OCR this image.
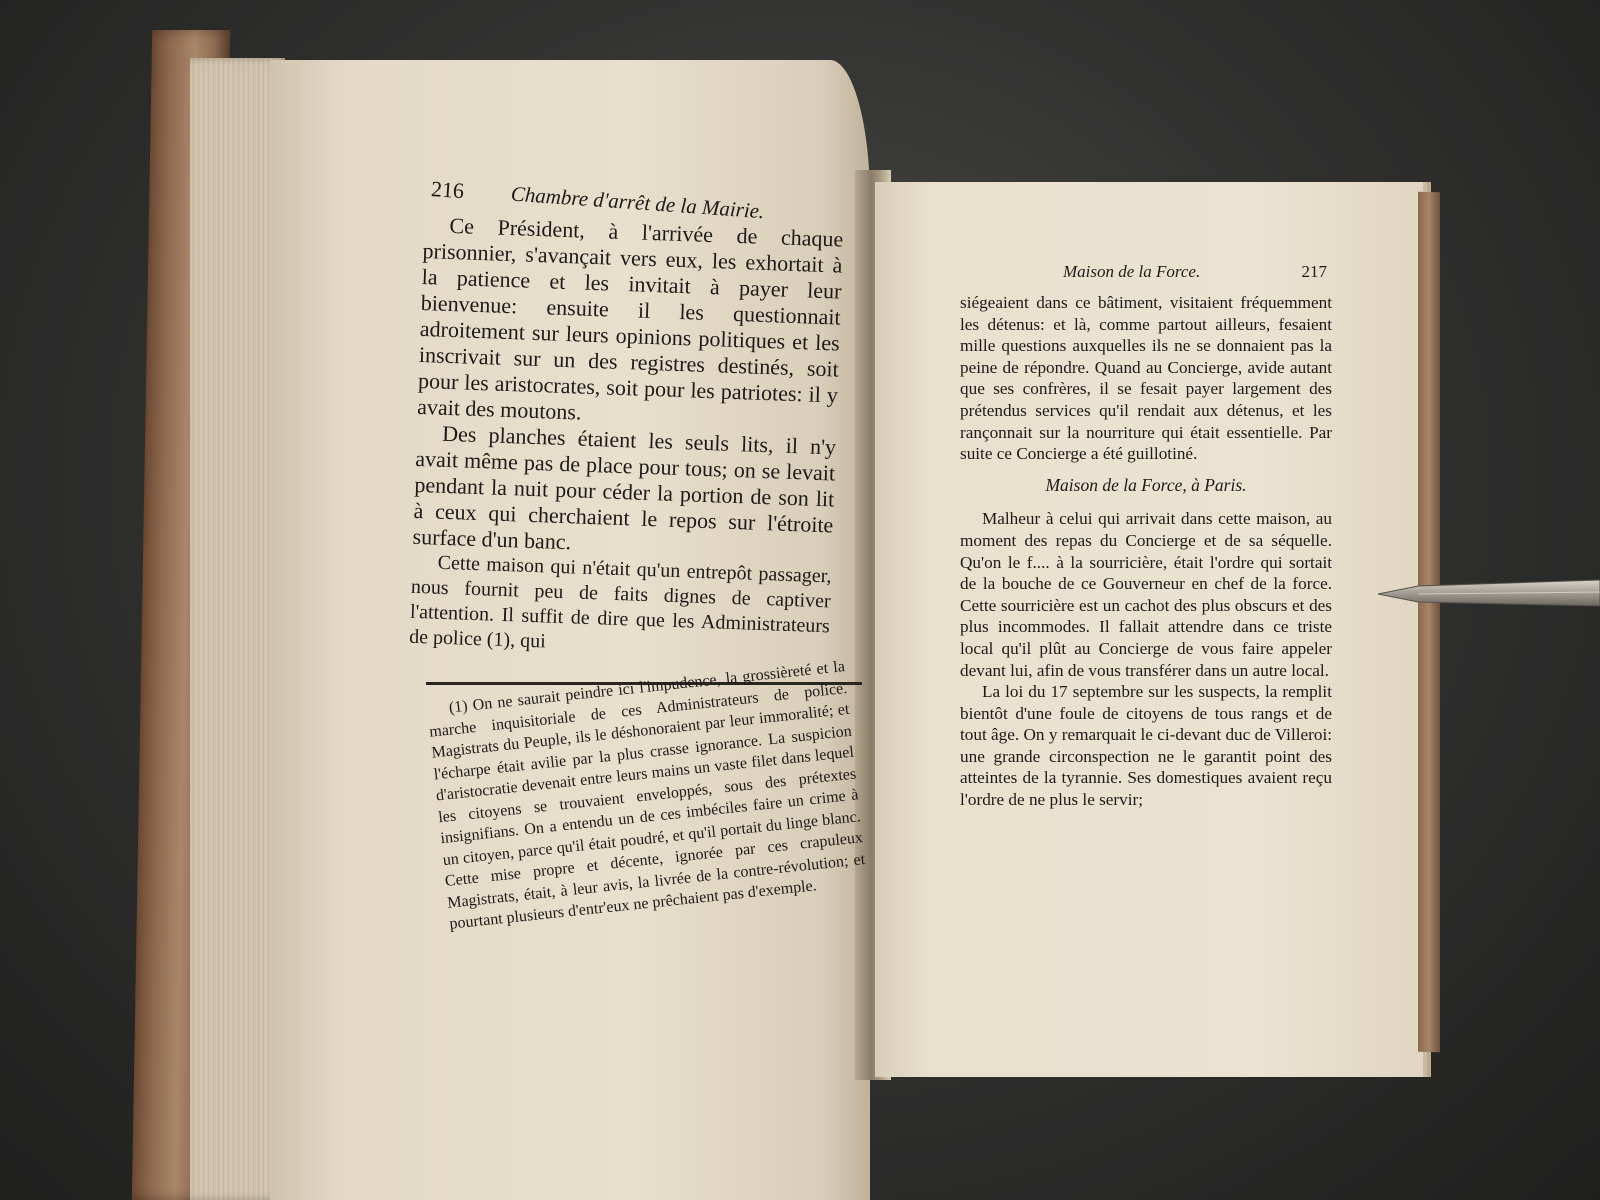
216 Chambre d'arrêt de la Mairie.

Ce Président, à l'arrivée de chaque prisonnier, s'avançait vers eux, les exhortait à la patience et les invitait à payer leur bienvenue: ensuite il les questionnait adroitement sur leurs opinions politiques et les inscrivait sur un des registres destinés, soit pour les aristocrates, soit pour les patriotes: il y avait des moutons.

Des planches étaient les seuls lits, il n'y avait même pas de place pour tous; on se levait pendant la nuit pour céder la portion de son lit à ceux qui cherchaient le repos sur l'étroite surface d'un banc.

Cette maison qui n'était qu'un entrepôt passager, nous fournit peu de faits dignes de captiver l'attention. Il suffit de dire que les Administrateurs de police (1), qui

(1) On ne saurait peindre ici l'impudence, la grossièreté et la marche inquisitoriale de ces Administrateurs de police. Magistrats du Peuple, ils le déshonoraient par leur immoralité; et l'écharpe était avilie par la plus crasse ignorance. La suspicion d'aristocratie devenait entre leurs mains un vaste filet dans lequel les citoyens se trouvaient enveloppés, sous des prétextes insignifians. On a entendu un de ces imbéciles faire un crime à un citoyen, parce qu'il était poudré, et qu'il portait du linge blanc. Cette mise propre et décente, ignorée par ces crapuleux Magistrats, était, à leur avis, la livrée de la contre-révolution; et pourtant plusieurs d'entr'eux ne prêchaient pas d'exemple.
Maison de la Force.	217

siégeaient dans ce bâtiment, visitaient fréquemment les détenus: et là, comme partout ailleurs, fesaient mille questions auxquelles ils ne se donnaient pas la peine de répondre. Quand au Concierge, avide autant que ses confrères, il se fesait payer largement des prétendus services qu'il rendait aux détenus, et les rançonnait sur la nourriture qui était essentielle. Par suite ce Concierge a été guillotiné.

Maison de la Force, à Paris.

Malheur à celui qui arrivait dans cette maison, au moment des repas du Concierge et de sa séquelle. Qu'on le f.... à la sourricière, était l'ordre qui sortait de la bouche de ce Gouverneur en chef de la force. Cette sourricière est un cachot des plus obscurs et des plus incommodes. Il fallait attendre dans ce triste local qu'il plût au Concierge de vous faire appeler devant lui, afin de vous transférer dans un autre local.

La loi du 17 septembre sur les suspects, la remplit bientôt d'une foule de citoyens de tous rangs et de tout âge. On y remarquait le ci-devant duc de Villeroi: une grande circonspection ne le garantit point des atteintes de la tyrannie. Ses domestiques avaient reçu l'ordre de ne plus le servir;
